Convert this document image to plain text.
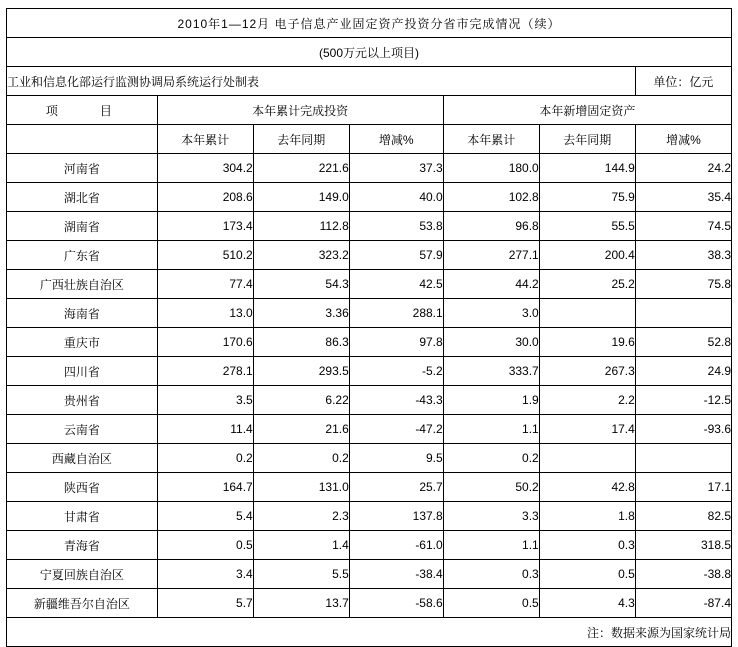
2010年1—12月 电子信息产业固定资产投资分省市完成情况（续）						
(500万元以上项目)						
工业和信息化部运行监测协调局系统运行处制表						单位：亿元
项　　目	本年累计完成投资			本年新增固定资产		
	本年累计	去年同期	增减%	本年累计	去年同期	增减%
河南省	304.2	221.6	37.3	180.0	144.9	24.2
湖北省	208.6	149.0	40.0	102.8	75.9	35.4
湖南省	173.4	112.8	53.8	96.8	55.5	74.5
广东省	510.2	323.2	57.9	277.1	200.4	38.3
广西壮族自治区	77.4	54.3	42.5	44.2	25.2	75.8
海南省	13.0	3.36	288.1	3.0		
重庆市	170.6	86.3	97.8	30.0	19.6	52.8
四川省	278.1	293.5	-5.2	333.7	267.3	24.9
贵州省	3.5	6.22	-43.3	1.9	2.2	-12.5
云南省	11.4	21.6	-47.2	1.1	17.4	-93.6
西藏自治区	0.2	0.2	9.5	0.2		
陕西省	164.7	131.0	25.7	50.2	42.8	17.1
甘肃省	5.4	2.3	137.8	3.3	1.8	82.5
青海省	0.5	1.4	-61.0	1.1	0.3	318.5
宁夏回族自治区	3.4	5.5	-38.4	0.3	0.5	-38.8
新疆维吾尔自治区	5.7	13.7	-58.6	0.5	4.3	-87.4
注：数据来源为国家统计局						
